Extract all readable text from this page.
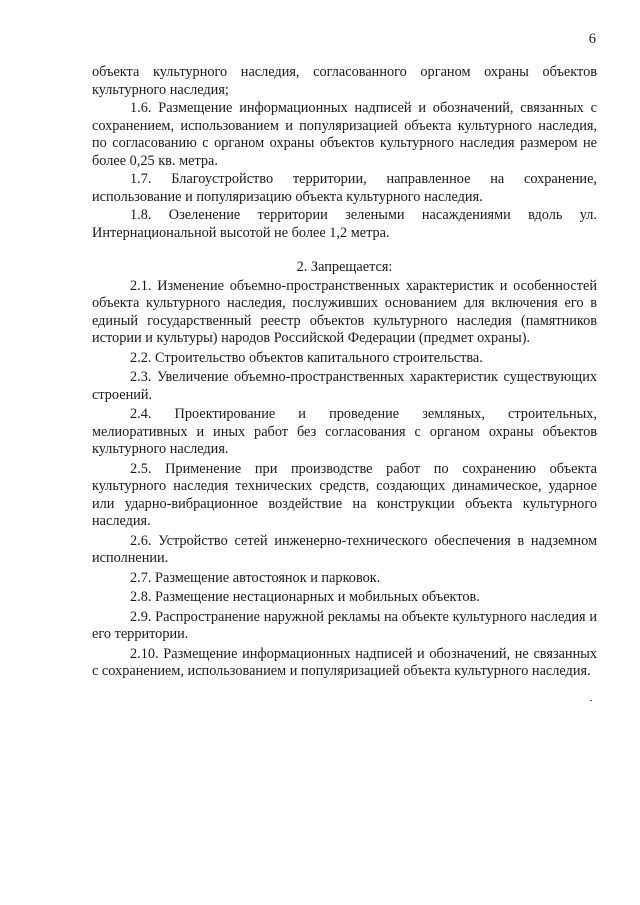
6

объекта культурного наследия, согласованного органом охраны объектов культурного наследия;

1.6. Размещение информационных надписей и обозначений, связанных с сохранением, использованием и популяризацией объекта культурного наследия, по согласованию с органом охраны объектов культурного наследия размером не более 0,25 кв. метра.

1.7. Благоустройство территории, направленное на сохранение, использование и популяризацию объекта культурного наследия.

1.8. Озеленение территории зелеными насаждениями вдоль ул. Интернациональной высотой не более 1,2 метра.

2. Запрещается:

2.1. Изменение объемно-пространственных характеристик и особенностей объекта культурного наследия, послуживших основанием для включения его в единый государственный реестр объектов культурного наследия (памятников истории и культуры) народов Российской Федерации (предмет охраны).

2.2. Строительство объектов капитального строительства.

2.3. Увеличение объемно-пространственных характеристик существующих строений.

2.4. Проектирование и проведение земляных, строительных, мелиоративных и иных работ без согласования с органом охраны объектов культурного наследия.

2.5. Применение при производстве работ по сохранению объекта культурного наследия технических средств, создающих динамическое, ударное или ударно-вибрационное воздействие на конструкции объекта культурного наследия.

2.6. Устройство сетей инженерно-технического обеспечения в надземном исполнении.

2.7. Размещение автостоянок и парковок.

2.8. Размещение нестационарных и мобильных объектов.

2.9. Распространение наружной рекламы на объекте культурного наследия и его территории.

2.10. Размещение информационных надписей и обозначений, не связанных с сохранением, использованием и популяризацией объекта культурного наследия.
